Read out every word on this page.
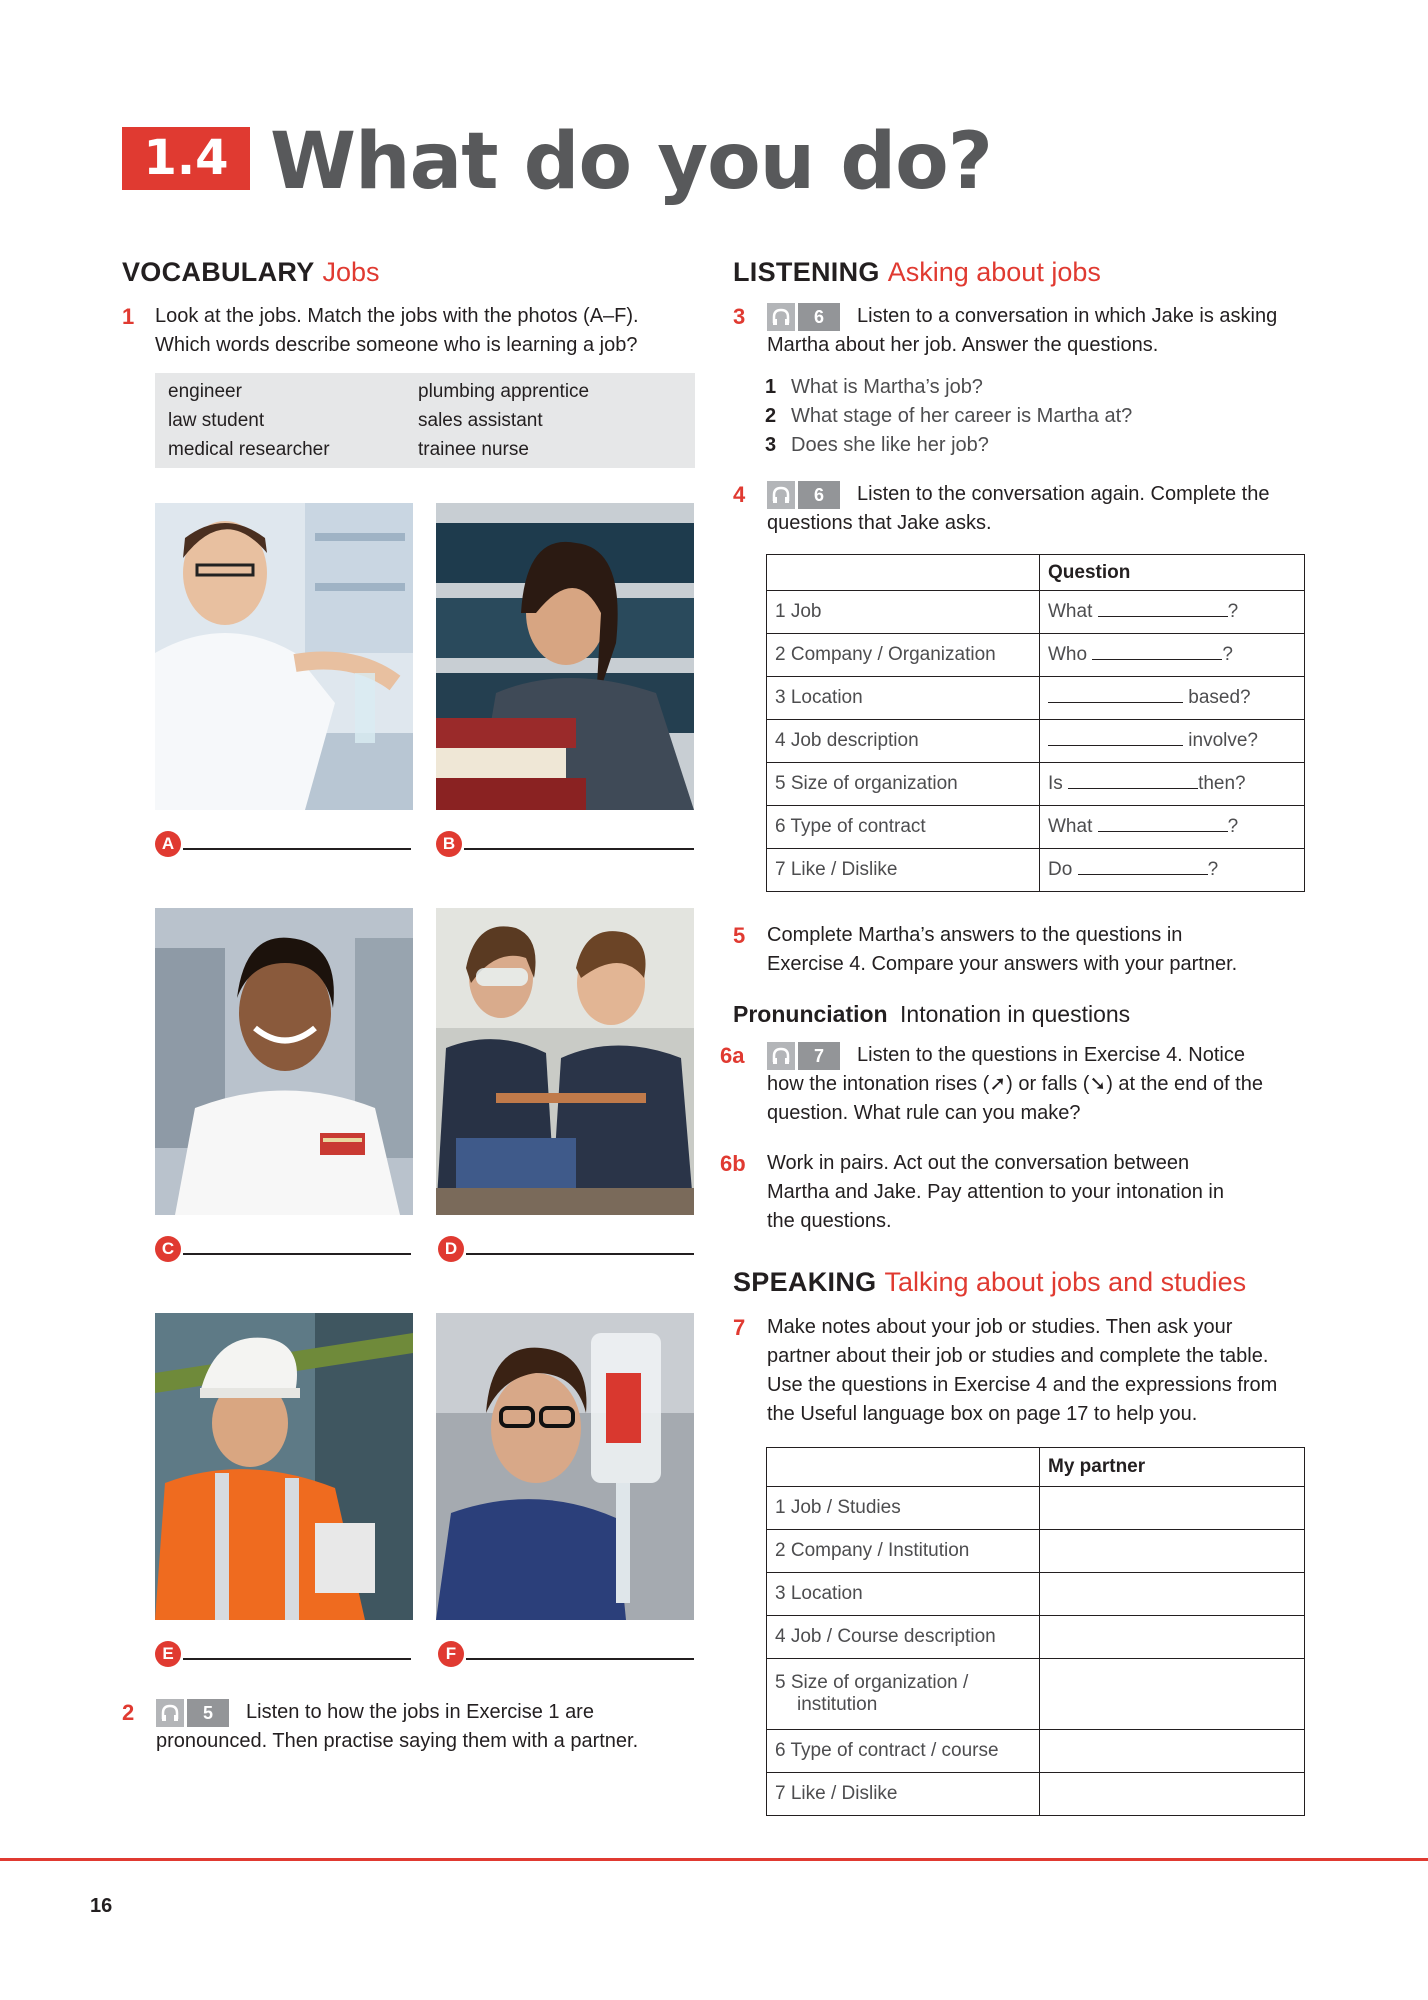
1.4 What do you do?
VOCABULARY Jobs
1 Look at the jobs. Match the jobs with the photos (A–F).
Which words describe someone who is learning a job?
engineer
law student
medical researcher
plumbing apprentice
sales assistant
trainee nurse
A	B
C	D
E	F
2	5	Listen to how the jobs in Exercise 1 are
pronounced. Then practise saying them with a partner.
LISTENING Asking about jobs
3	6	Listen to a conversation in which Jake is asking
Martha about her job. Answer the questions.
1 What is Martha’s job?
2 What stage of her career is Martha at?
3 Does she like her job?
4	6	Listen to the conversation again. Complete the
questions that Jake asks.
	Question
1 Job	What ?
2 Company / Organization	Who ?
3 Location	based?
4 Job description	involve?
5 Size of organization	Is then?
6 Type of contract	What ?
7 Like / Dislike	Do ?
5	Complete Martha’s answers to the questions in
Exercise 4. Compare your answers with your partner.
Pronunciation Intonation in questions
6a	7	Listen to the questions in Exercise 4. Notice
how the intonation rises (➚) or falls (➘) at the end of the
question. What rule can you make?
6b	Work in pairs. Act out the conversation between
Martha and Jake. Pay attention to your intonation in
the questions.
SPEAKING Talking about jobs and studies
7	Make notes about your job or studies. Then ask your
partner about their job or studies and complete the table.
Use the questions in Exercise 4 and the expressions from
the Useful language box on page 17 to help you.
	My partner
1 Job / Studies	
2 Company / Institution	
3 Location	
4 Job / Course description	

5 Size of organization /
institution	

6 Type of contract / course	
7 Like / Dislike	
16
